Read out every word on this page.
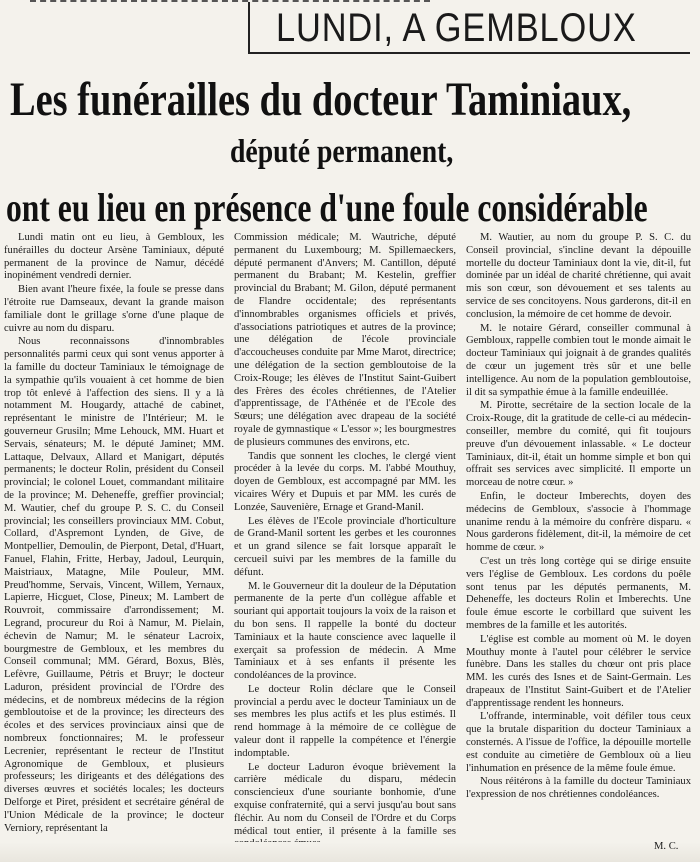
LUNDI, A GEMBLOUX
Les funérailles du docteur Taminiaux,
député permanent,
ont eu lieu en présence d'une foule considérable

Lundi matin ont eu lieu, à Gembloux, les funérailles du docteur Arsène Taminiaux, député permanent de la province de Namur, décédé inopinément vendredi dernier.

Bien avant l'heure fixée, la foule se presse dans l'étroite rue Damseaux, devant la grande maison familiale dont le grillage s'orne d'une plaque de cuivre au nom du disparu.

Nous reconnaissons d'innombrables personnalités parmi ceux qui sont venus apporter à la famille du docteur Taminiaux le témoignage de la sympathie qu'ils vouaient à cet homme de bien trop tôt enlevé à l'affection des siens. Il y a là notamment M. Hougardy, attaché de cabinet, représentant le ministre de l'Intérieur; M. le gouverneur Grusiln; Mme Lehouck, MM. Huart et Servais, sénateurs; M. le député Jaminet; MM. Lattaque, Delvaux, Allard et Manigart, députés permanents; le docteur Rolin, président du Conseil provincial; le colonel Louet, commandant militaire de la province; M. Deheneffe, greffier provincial; M. Wautier, chef du groupe P. S. C. du Conseil provincial; les conseillers provinciaux MM. Cobut, Collard, d'Aspremont Lynden, de Give, de Montpellier, Demoulin, de Pierpont, Detal, d'Huart, Fanuel, Flahin, Fritte, Herbay, Jadoul, Leurquin, Maistriaux, Matagne, Mile Pouleur, MM. Preud'homme, Servais, Vincent, Willem, Yernaux, Lapierre, Hicguet, Close, Pineux; M. Lambert de Rouvroit, commissaire d'arrondissement; M. Legrand, procureur du Roi à Namur, M. Pielain, échevin de Namur; M. le sénateur Lacroix, bourgmestre de Gembloux, et les membres du Conseil communal; MM. Gérard, Boxus, Blès, Lefèvre, Guillaume, Pétris et Bruyr; le docteur Laduron, président provincial de l'Ordre des médecins, et de nombreux médecins de la région gembloutoise et de la province; les directeurs des écoles et des services provinciaux ainsi que de nombreux fonctionnaires; M. le professeur Lecrenier, représentant le recteur de l'Institut Agronomique de Gembloux, et plusieurs professeurs; les dirigeants et des délégations des diverses œuvres et sociétés locales; les docteurs Delforge et Piret, président et secrétaire général de l'Union Médicale de la province; le docteur Verniory, représentant la

Commission médicale; M. Wautriche, député permanent du Luxembourg; M. Spillemaeckers, député permanent d'Anvers; M. Cantillon, député permanent du Brabant; M. Kestelin, greffier provincial du Brabant; M. Gilon, député permanent de Flandre occidentale; des représentants d'innombrables organismes officiels et privés, d'associations patriotiques et autres de la province; une délégation de l'école provinciale d'accoucheuses conduite par Mme Marot, directrice; une délégation de la section gembloutoise de la Croix-Rouge; les élèves de l'Institut Saint-Guibert des Frères des écoles chrétiennes, de l'Atelier d'apprentissage, de l'Athénée et de l'Ecole des Sœurs; une délégation avec drapeau de la société royale de gymnastique « L'essor »; les bourgmestres de plusieurs communes des environs, etc.

Tandis que sonnent les cloches, le clergé vient procéder à la levée du corps. M. l'abbé Mouthuy, doyen de Gembloux, est accompagné par MM. les vicaires Wéry et Dupuis et par MM. les curés de Lonzée, Sauvenière, Ernage et Grand-Manil.

Les élèves de l'Ecole provinciale d'horticulture de Grand-Manil sortent les gerbes et les couronnes et un grand silence se fait lorsque apparaît le cercueil suivi par les membres de la famille du défunt.

M. le Gouverneur dit la douleur de la Députation permanente de la perte d'un collègue affable et souriant qui apportait toujours la voix de la raison et du bon sens. Il rappelle la bonté du docteur Taminiaux et la haute conscience avec laquelle il exerçait sa profession de médecin. A Mme Taminiaux et à ses enfants il présente les condoléances de la province.

Le docteur Rolin déclare que le Conseil provincial a perdu avec le docteur Taminiaux un de ses membres les plus actifs et les plus estimés. Il rend hommage à la mémoire de ce collègue de valeur dont il rappelle la compétence et l'énergie indomptable.

Le docteur Laduron évoque brièvement la carrière médicale du disparu, médecin consciencieux d'une souriante bonhomie, d'une exquise confraternité, qui a servi jusqu'au bout sans fléchir. Au nom du Conseil de l'Ordre et du Corps médical tout entier, il présente à la famille ses

M. Wautier, au nom du groupe P. S. C. du Conseil provincial, s'incline devant la dépouille mortelle du docteur Taminiaux dont la vie, dit-il, fut dominée par un idéal de charité chrétienne, qui avait mis son cœur, son dévouement et ses talents au service de ses concitoyens. Nous garderons, dit-il en conclusion, la mémoire de cet homme de devoir.

M. le notaire Gérard, conseiller communal à Gembloux, rappelle combien tout le monde aimait le docteur Taminiaux qui joignait à de grandes qualités de cœur un jugement très sûr et une belle intelligence. Au nom de la population gembloutoise, il dit sa sympathie émue à la famille endeuillée.

M. Pirotte, secrétaire de la section locale de la Croix-Rouge, dit la gratitude de celle-ci au médecin-conseiller, membre du comité, qui fit toujours preuve d'un dévouement inlassable. « Le docteur Taminiaux, dit-il, était un homme simple et bon qui offrait ses services avec simplicité. Il emporte un morceau de notre cœur. »

Enfin, le docteur Imberechts, doyen des médecins de Gembloux, s'associe à l'hommage unanime rendu à la mémoire du confrère disparu. « Nous garderons fidèlement, dit-il, la mémoire de cet homme de cœur. »

C'est un très long cortège qui se dirige ensuite vers l'église de Gembloux. Les cordons du poêle sont tenus par les députés permanents, M. Deheneffe, les docteurs Rolin et Imberechts. Une foule émue escorte le corbillard que suivent les membres de la famille et les autorités.

L'église est comble au moment où M. le doyen Mouthuy monte à l'autel pour célébrer le service funèbre. Dans les stalles du chœur ont pris place MM. les curés des Isnes et de Saint-Germain. Les drapeaux de l'Institut Saint-Guibert et de l'Atelier d'apprentissage rendent les honneurs.

L'offrande, interminable, voit défiler tous ceux que la brutale disparition du docteur Taminiaux a consternés. A l'issue de l'office, la dépouille mortelle est conduite au cimetière de Gembloux où a lieu l'inhumation en présence de la même foule émue.

Nous réitérons à la famille du docteur Taminiaux l'expression de nos chrétiennes condoléances.

M. C.
